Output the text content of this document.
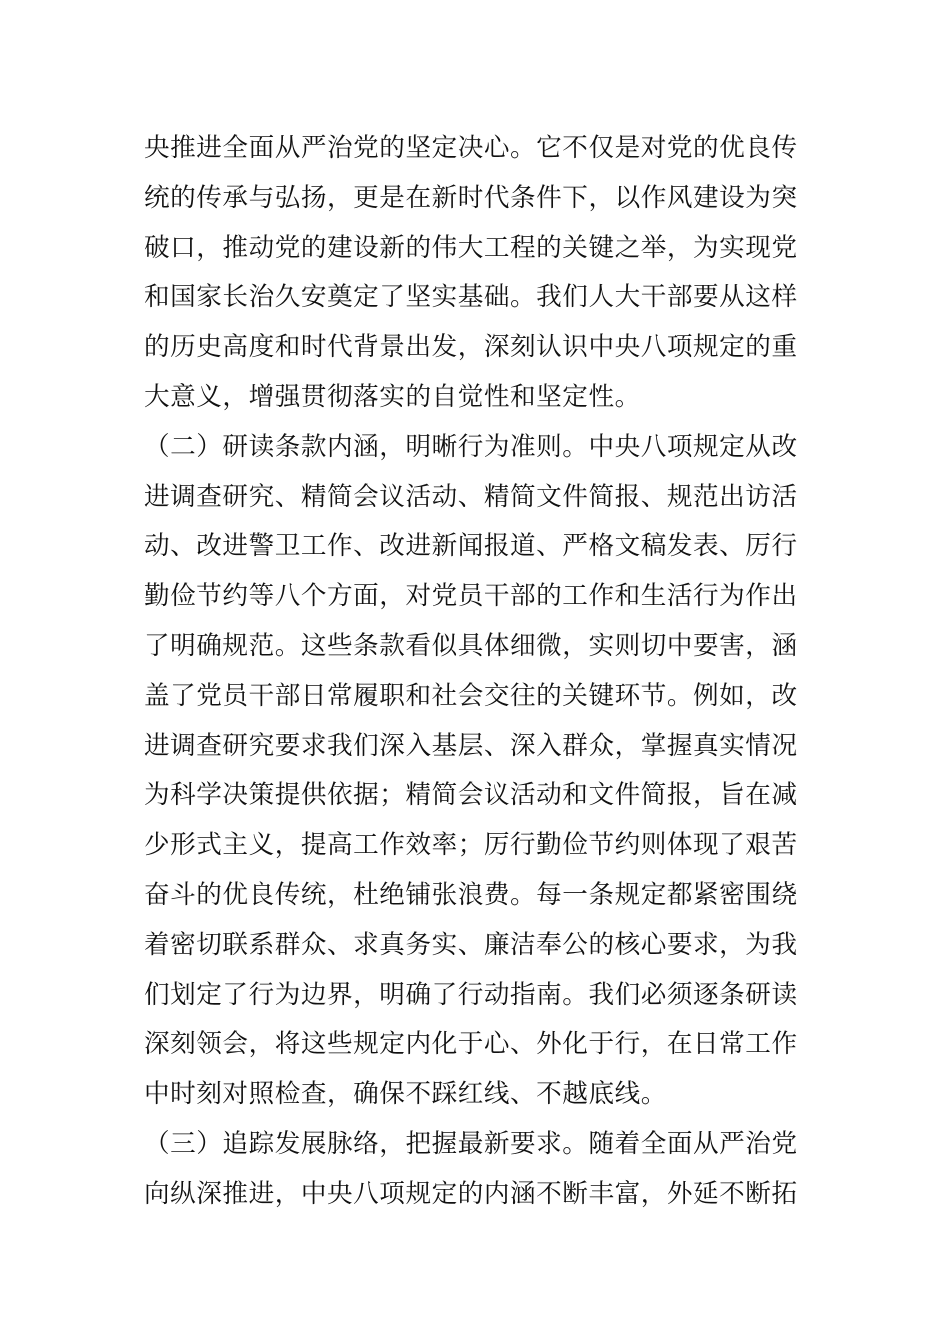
央推进全面从严治党的坚定决心。它不仅是对党的优良传
统的传承与弘扬，更是在新时代条件下，以作风建设为突
破口，推动党的建设新的伟大工程的关键之举，为实现党
和国家长治久安奠定了坚实基础。我们人大干部要从这样
的历史高度和时代背景出发，深刻认识中央八项规定的重
大意义，增强贯彻落实的自觉性和坚定性。
（二）研读条款内涵，明晰行为准则。中央八项规定从改
进调查研究、精简会议活动、精简文件简报、规范出访活
动、改进警卫工作、改进新闻报道、严格文稿发表、厉行
勤俭节约等八个方面，对党员干部的工作和生活行为作出
了明确规范。这些条款看似具体细微，实则切中要害，涵
盖了党员干部日常履职和社会交往的关键环节。例如，改
进调查研究要求我们深入基层、深入群众，掌握真实情况
为科学决策提供依据；精简会议活动和文件简报，旨在减
少形式主义，提高工作效率；厉行勤俭节约则体现了艰苦
奋斗的优良传统，杜绝铺张浪费。每一条规定都紧密围绕
着密切联系群众、求真务实、廉洁奉公的核心要求，为我
们划定了行为边界，明确了行动指南。我们必须逐条研读
深刻领会，将这些规定内化于心、外化于行，在日常工作
中时刻对照检查，确保不踩红线、不越底线。
（三）追踪发展脉络，把握最新要求。随着全面从严治党
向纵深推进，中央八项规定的内涵不断丰富，外延不断拓
